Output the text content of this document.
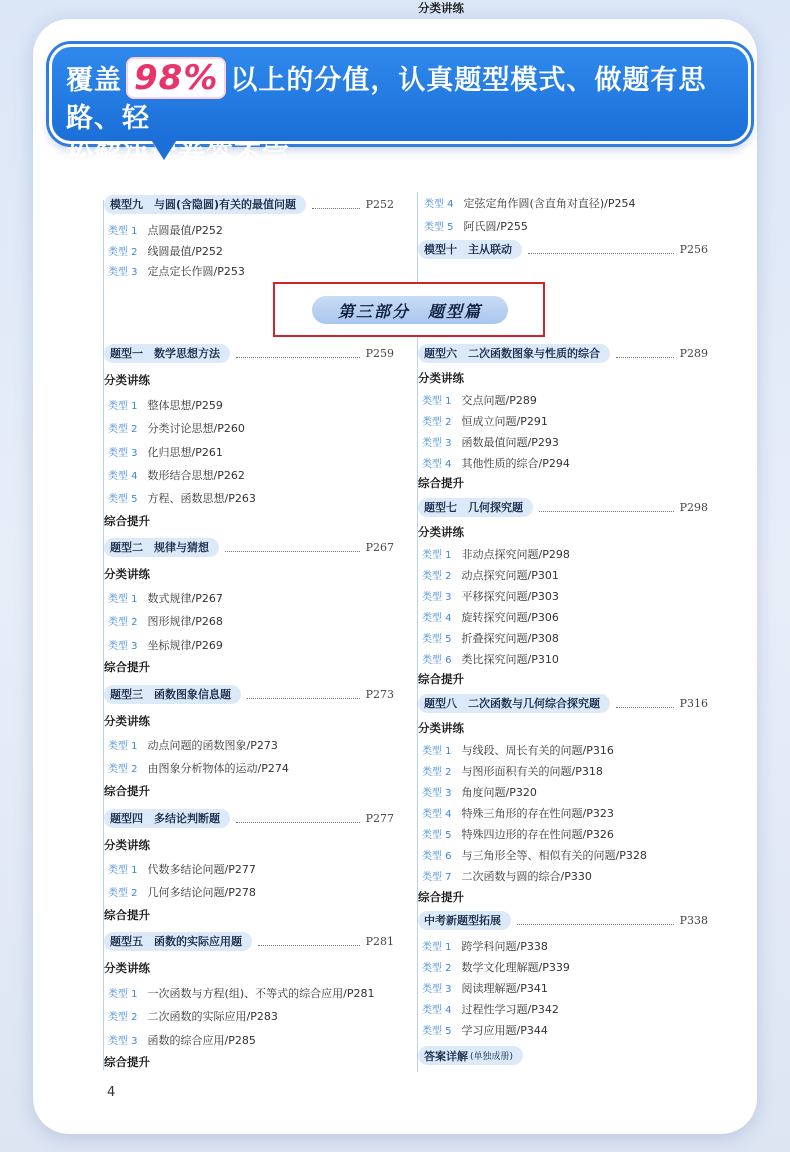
覆盖 98% 以上的分值，认真题型模式、做题有思路、轻
松解决试卷答不完。
模型九　与圆(含隐圆)有关的最值问题	P252
类型 1 点圆最值/P252
类型 2 线圆最值/P252
类型 3 定点定长作圆/P253
类型 4 定弦定角作圆(含直角对直径)/P254
类型 5 阿氏圆/P255
模型十　主从联动	P256
第三部分　题型篇
题型一　数学思想方法	P259
分类讲练
类型 1 整体思想/P259
类型 2 分类讨论思想/P260
类型 3 化归思想/P261
类型 4 数形结合思想/P262
类型 5 方程、函数思想/P263
综合提升
题型二　规律与猜想	P267
分类讲练
类型 1 数式规律/P267
类型 2 图形规律/P268
类型 3 坐标规律/P269
综合提升
题型三　函数图象信息题	P273
分类讲练
类型 1 动点问题的函数图象/P273
类型 2 由图象分析物体的运动/P274
综合提升
题型四　多结论判断题	P277
分类讲练
类型 1 代数多结论问题/P277
类型 2 几何多结论问题/P278
综合提升
题型五　函数的实际应用题	P281
分类讲练
类型 1 一次函数与方程(组)、不等式的综合应用/P281
类型 2 二次函数的实际应用/P283
类型 3 函数的综合应用/P285
综合提升
题型六　二次函数图象与性质的综合	P289
分类讲练
类型 1 交点问题/P289
类型 2 恒成立问题/P291
类型 3 函数最值问题/P293
类型 4 其他性质的综合/P294
综合提升
题型七　几何探究题	P298
分类讲练
类型 1 非动点探究问题/P298
类型 2 动点探究问题/P301
类型 3 平移探究问题/P303
类型 4 旋转探究问题/P306
类型 5 折叠探究问题/P308
类型 6 类比探究问题/P310
综合提升
题型八　二次函数与几何综合探究题	P316
分类讲练
类型 1 与线段、周长有关的问题/P316
类型 2 与图形面积有关的问题/P318
类型 3 角度问题/P320
类型 4 特殊三角形的存在性问题/P323
类型 5 特殊四边形的存在性问题/P326
类型 6 与三角形全等、相似有关的问题/P328
类型 7 二次函数与圆的综合/P330
综合提升
中考新题型拓展	P338
分类讲练
类型 1 跨学科问题/P338
类型 2 数学文化理解题/P339
类型 3 阅读理解题/P341
类型 4 过程性学习题/P342
类型 5 学习应用题/P344
答案详解 (单独成册)
4
